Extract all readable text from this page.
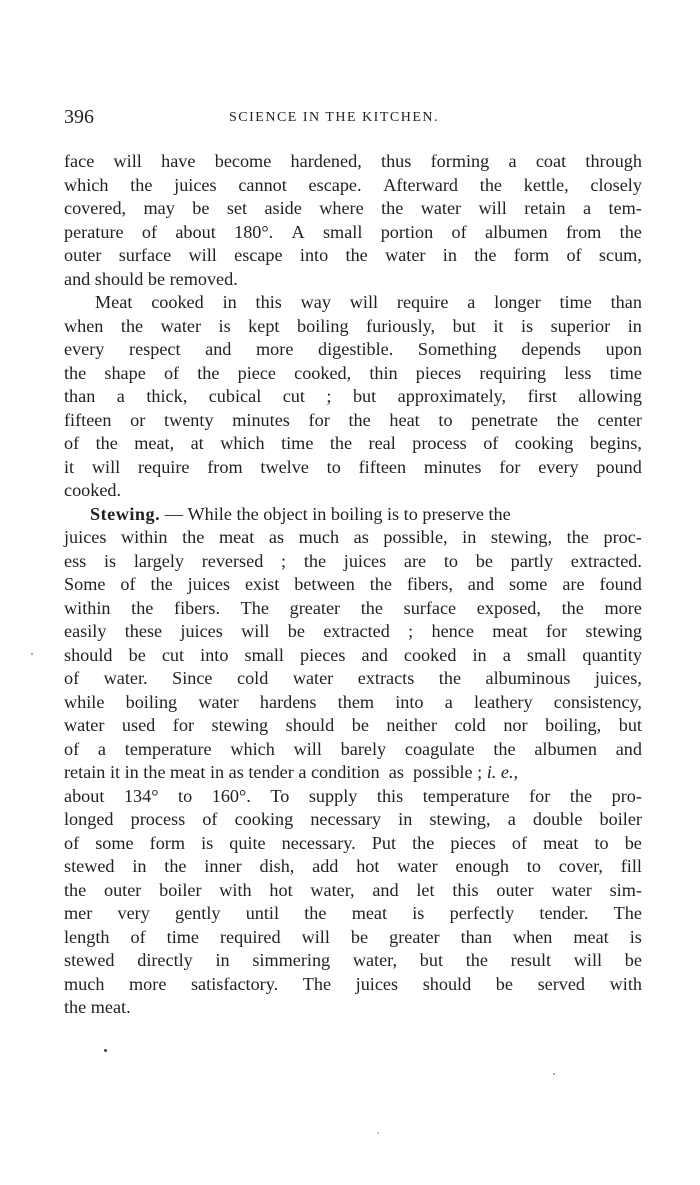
396	SCIENCE IN THE KITCHEN.
face will have become hardened, thus forming a coat through
which the juices cannot escape. Afterward the kettle, closely
covered, may be set aside where the water will retain a tem-
perature of about 180°. A small portion of albumen from the
outer surface will escape into the water in the form of scum,
and should be removed.
Meat cooked in this way will require a longer time than
when the water is kept boiling furiously, but it is superior in
every respect and more digestible. Something depends upon
the shape of the piece cooked, thin pieces requiring less time
than a thick, cubical cut ; but approximately, first allowing
fifteen or twenty minutes for the heat to penetrate the center
of the meat, at which time the real process of cooking begins,
it will require from twelve to fifteen minutes for every pound
cooked.
Stewing. — While the object in boiling is to preserve the
juices within the meat as much as possible, in stewing, the proc-
ess is largely reversed ; the juices are to be partly extracted.
Some of the juices exist between the fibers, and some are found
within the fibers. The greater the surface exposed, the more
easily these juices will be extracted ; hence meat for stewing
should be cut into small pieces and cooked in a small quantity
of water. Since cold water extracts the albuminous juices,
while boiling water hardens them into a leathery consistency,
water used for stewing should be neither cold nor boiling, but
of a temperature which will barely coagulate the albumen and
retain it in the meat in as tender a condition  as  possible ;
i. e.,
about 134° to 160°. To supply this temperature for the pro-
longed process of cooking necessary in stewing, a double boiler
of some form is quite necessary. Put the pieces of meat to be
stewed in the inner dish, add hot water enough to cover, fill
the outer boiler with hot water, and let this outer water sim-
mer very gently until the meat is perfectly tender. The
length of time required will be greater than when meat is
stewed directly in simmering water, but the result will be
much more satisfactory. The juices should be served with
the meat.
